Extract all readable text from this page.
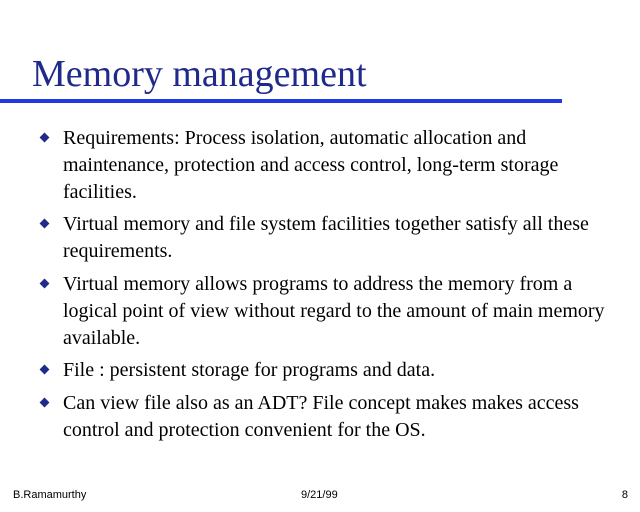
Memory management
Requirements: Process isolation, automatic allocation and maintenance, protection and access control, long-term storage facilities.
Virtual memory and file system facilities together satisfy all these requirements.
Virtual memory allows programs to address the memory from a logical point of view without regard to the amount of main memory available.
File : persistent storage for programs and data.
Can view file also as an ADT? File concept makes makes access control and protection convenient for the OS.

B.Ramamurthy	9/21/99	8
